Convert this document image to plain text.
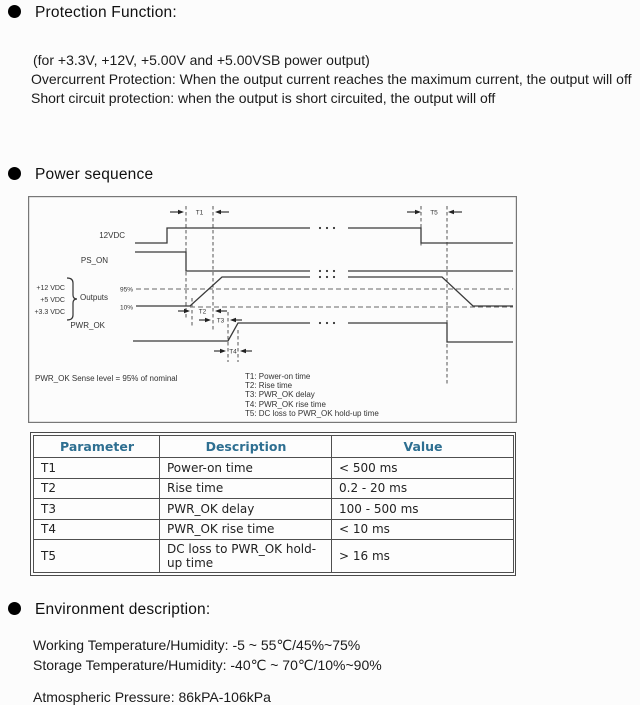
Protection Function:
(for +3.3V, +12V, +5.00V and +5.00VSB power output)
Overcurrent Protection: When the output current reaches the maximum current, the output will off
Short circuit protection: when the output is short circuited, the output will off
Power sequence
12VDC
PS_ON
+12 VDC
+5 VDC
+3.3 VDC
Outputs
95%
10%
PWR_OK
T1	T5
T2
T3
T4
PWR_OK Sense level = 95% of nominal	T1: Power-on time
T2: Rise time
T3: PWR_OK delay
T4: PWR_OK rise time
T5: DC loss to PWR_OK hold-up time
Parameter	Description	Value
T1	Power-on time	< 500 ms
T2	Rise time	0.2 - 20 ms
T3	PWR_OK delay	100 - 500 ms
T4	PWR_OK rise time	< 10 ms
T5	DC loss to PWR_OK hold-up time	> 16 ms
Environment description:
Working Temperature/Humidity: -5 ~ 55℃/45%~75%
Storage Temperature/Humidity: -40℃ ~ 70℃/10%~90%
Atmospheric Pressure: 86kPA-106kPa
